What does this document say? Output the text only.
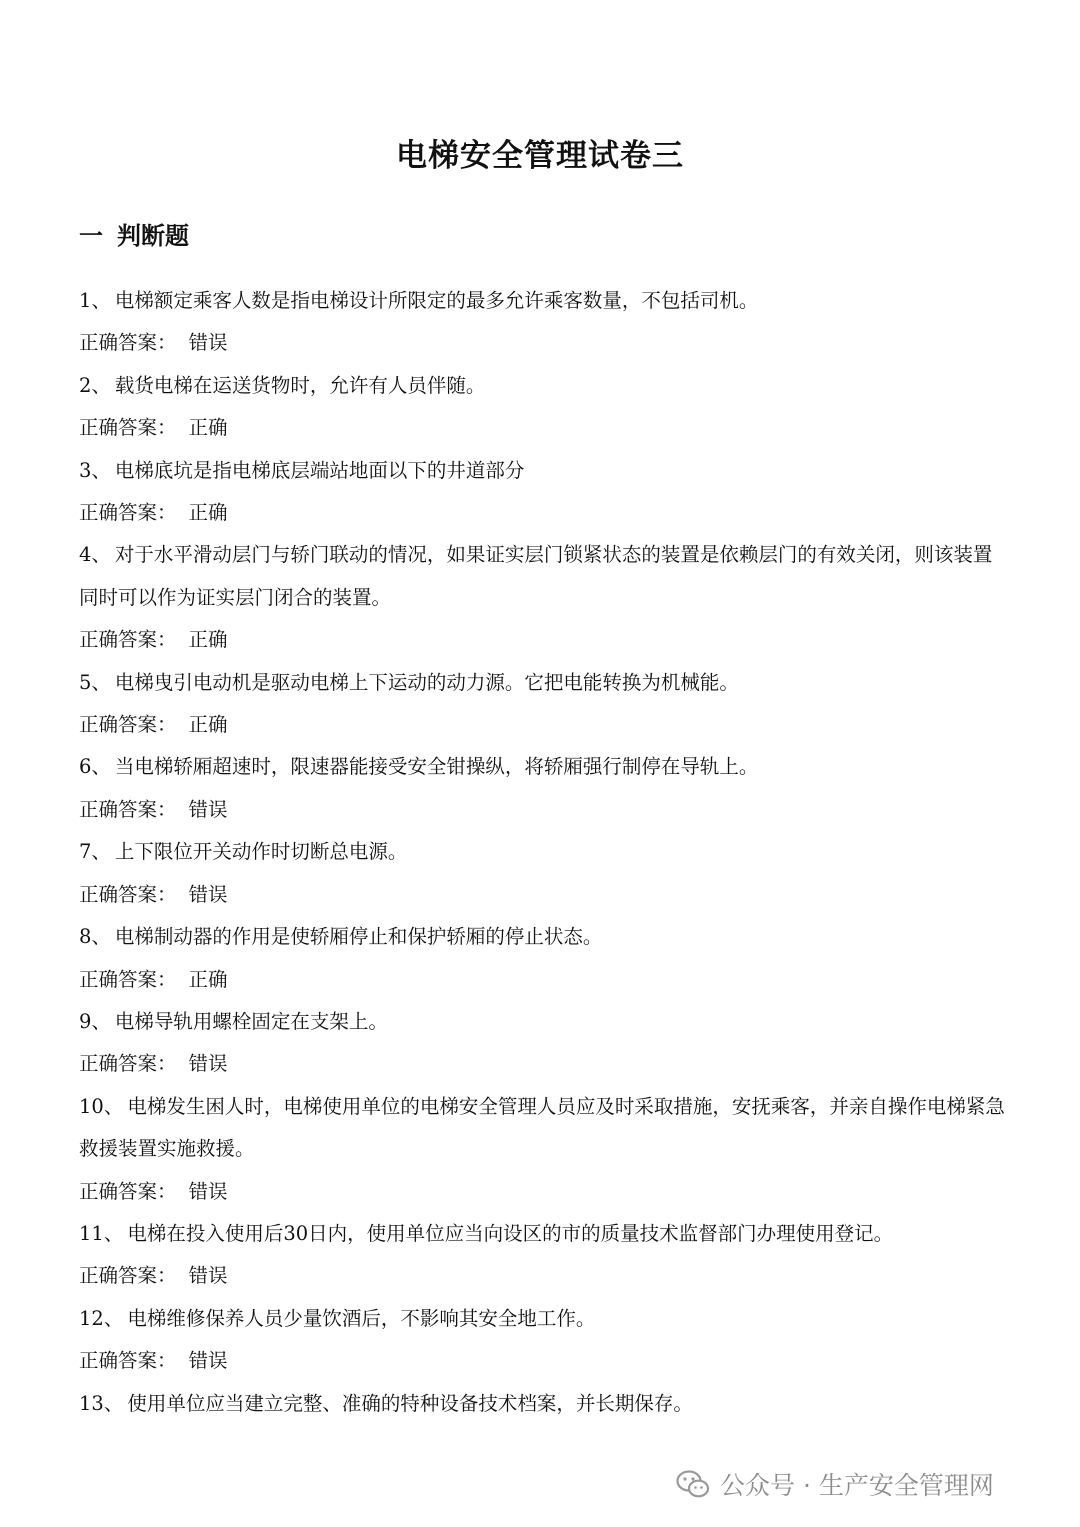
电梯安全管理试卷三
一 判断题

1、 电梯额定乘客人数是指电梯设计所限定的最多允许乘客数量，不包括司机。

正确答案： 错误

2、 载货电梯在运送货物时，允许有人员伴随。

正确答案： 正确

3、 电梯底坑是指电梯底层端站地面以下的井道部分

正确答案： 正确

4、 对于水平滑动层门与轿门联动的情况，如果证实层门锁紧状态的装置是依赖层门的有效关闭，则该装置同时可以作为证实层门闭合的装置。

正确答案： 正确

5、 电梯曳引电动机是驱动电梯上下运动的动力源。它把电能转换为机械能。

正确答案： 正确

6、 当电梯轿厢超速时，限速器能接受安全钳操纵，将轿厢强行制停在导轨上。

正确答案： 错误

7、 上下限位开关动作时切断总电源。

正确答案： 错误

8、 电梯制动器的作用是使轿厢停止和保护轿厢的停止状态。

正确答案： 正确

9、 电梯导轨用螺栓固定在支架上。

正确答案： 错误

10、 电梯发生困人时，电梯使用单位的电梯安全管理人员应及时采取措施，安抚乘客，并亲自操作电梯紧急救援装置实施救援。

正确答案： 错误

11、 电梯在投入使用后30日内，使用单位应当向设区的市的质量技术监督部门办理使用登记。

正确答案： 错误

12、 电梯维修保养人员少量饮酒后，不影响其安全地工作。

正确答案： 错误

13、 使用单位应当建立完整、准确的特种设备技术档案，并长期保存。

公众号 · 生产安全管理网
